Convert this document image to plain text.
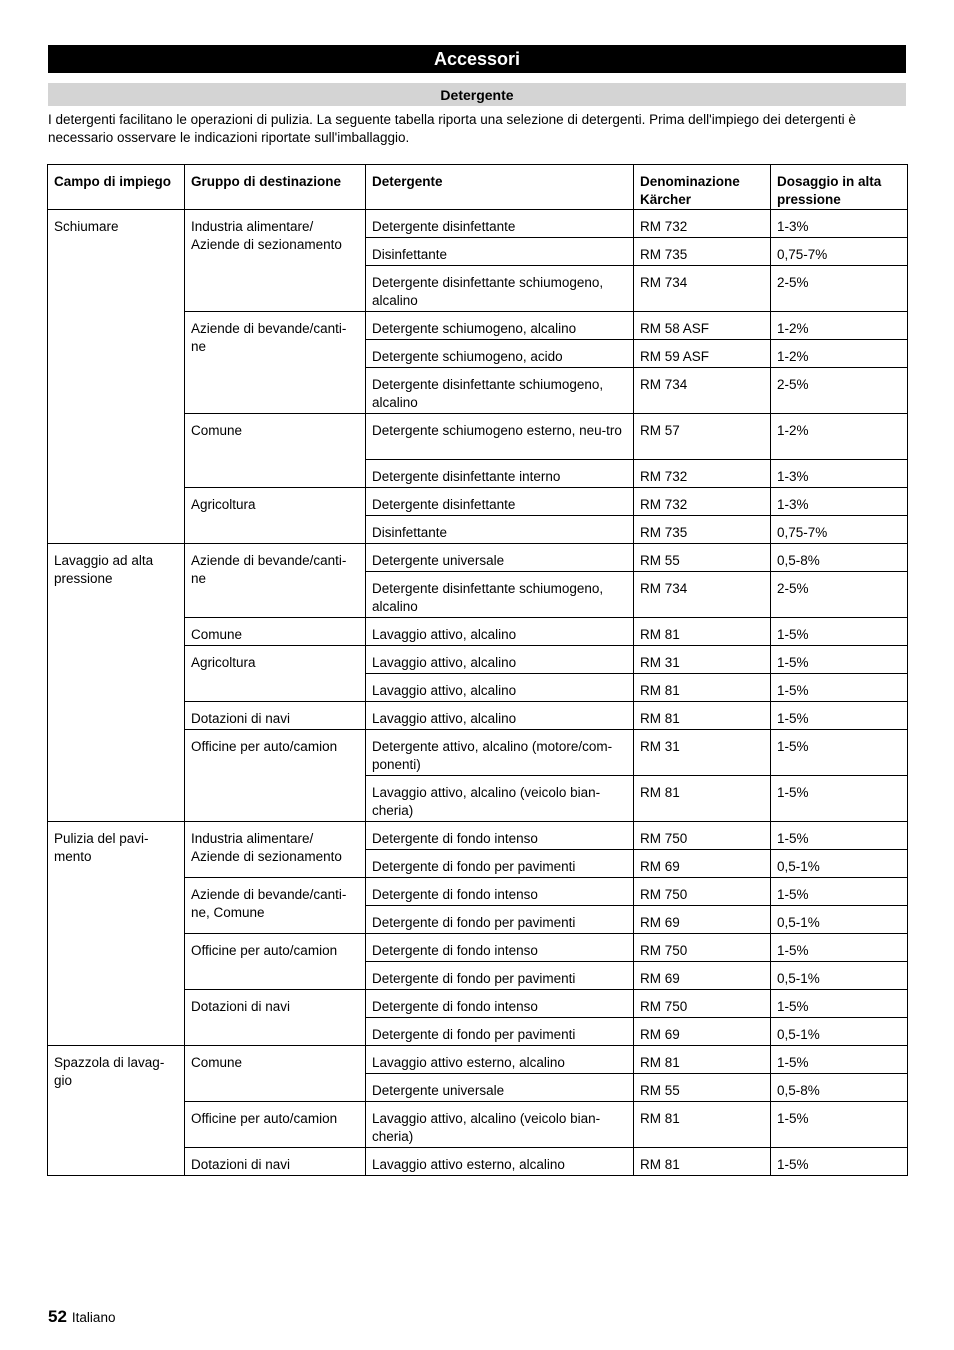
Accessori
Detergente
I detergenti facilitano le operazioni di pulizia. La seguente tabella riporta una selezione di detergenti. Prima dell'impiego dei detergenti è necessario osservare le indicazioni riportate sull'imballaggio.
Campo di impiego	Gruppo di destinazione	Detergente	Denominazione Kärcher	Dosaggio in alta pressione
Schiumare	Industria alimentare/ Aziende di sezionamento	Detergente disinfettante	RM 732	1-3%
		Disinfettante	RM 735	0,75-7%
		Detergente disinfettante schiumogeno, alcalino	RM 734	2-5%
	Aziende di bevande/canti-ne	Detergente schiumogeno, alcalino	RM 58 ASF	1-2%
		Detergente schiumogeno, acido	RM 59 ASF	1-2%
		Detergente disinfettante schiumogeno, alcalino	RM 734	2-5%
	Comune	Detergente schiumogeno esterno, neu-tro	RM 57	1-2%
		Detergente disinfettante interno	RM 732	1-3%
	Agricoltura	Detergente disinfettante	RM 732	1-3%
		Disinfettante	RM 735	0,75-7%
Lavaggio ad alta pressione	Aziende di bevande/canti-ne	Detergente universale	RM 55	0,5-8%
		Detergente disinfettante schiumogeno, alcalino	RM 734	2-5%
	Comune	Lavaggio attivo, alcalino	RM 81	1-5%
	Agricoltura	Lavaggio attivo, alcalino	RM 31	1-5%
		Lavaggio attivo, alcalino	RM 81	1-5%
	Dotazioni di navi	Lavaggio attivo, alcalino	RM 81	1-5%
	Officine per auto/camion	Detergente attivo, alcalino (motore/com-ponenti)	RM 31	1-5%
		Lavaggio attivo, alcalino (veicolo bian-cheria)	RM 81	1-5%
Pulizia del pavi-mento	Industria alimentare/ Aziende di sezionamento	Detergente di fondo intenso	RM 750	1-5%
		Detergente di fondo per pavimenti	RM 69	0,5-1%
	Aziende di bevande/canti-ne, Comune	Detergente di fondo intenso	RM 750	1-5%
		Detergente di fondo per pavimenti	RM 69	0,5-1%
	Officine per auto/camion	Detergente di fondo intenso	RM 750	1-5%
		Detergente di fondo per pavimenti	RM 69	0,5-1%
	Dotazioni di navi	Detergente di fondo intenso	RM 750	1-5%
		Detergente di fondo per pavimenti	RM 69	0,5-1%
Spazzola di lavag-gio	Comune	Lavaggio attivo esterno, alcalino	RM 81	1-5%
		Detergente universale	RM 55	0,5-8%
	Officine per auto/camion	Lavaggio attivo, alcalino (veicolo bian-cheria)	RM 81	1-5%
	Dotazioni di navi	Lavaggio attivo esterno, alcalino	RM 81	1-5%
52 Italiano
